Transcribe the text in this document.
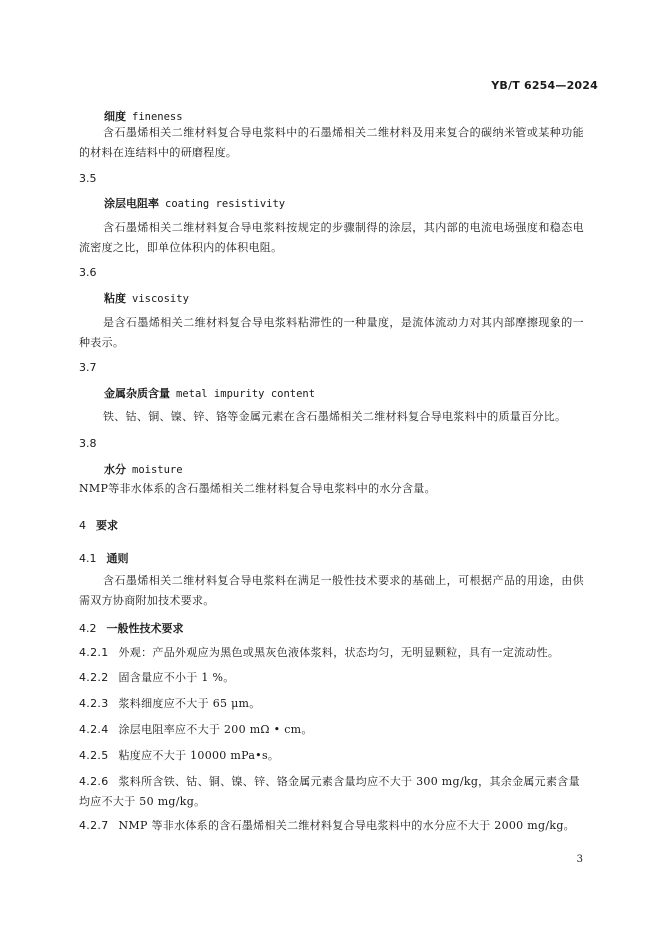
YB/T 6254—2024
细度 fineness
含石墨烯相关二维材料复合导电浆料中的石墨烯相关二维材料及用来复合的碳纳米管或某种功能的材料在连结料中的研磨程度。
3.5
涂层电阻率 coating resistivity
含石墨烯相关二维材料复合导电浆料按规定的步骤制得的涂层，其内部的电流电场强度和稳态电流密度之比，即单位体积内的体积电阻。
3.6
粘度 viscosity
是含石墨烯相关二维材料复合导电浆料粘滞性的一种量度，是流体流动力对其内部摩擦现象的一种表示。
3.7
金属杂质含量 metal impurity content
铁、钴、铜、镍、锌、铬等金属元素在含石墨烯相关二维材料复合导电浆料中的质量百分比。
3.8
水分 moisture
NMP等非水体系的含石墨烯相关二维材料复合导电浆料中的水分含量。
4 要求
4.1 通则
含石墨烯相关二维材料复合导电浆料在满足一般性技术要求的基础上，可根据产品的用途，由供需双方协商附加技术要求。
4.2 一般性技术要求
4.2.1 外观：产品外观应为黑色或黑灰色液体浆料，状态均匀，无明显颗粒，具有一定流动性。
4.2.2 固含量应不小于 1 %。
4.2.3 浆料细度应不大于 65 μm。
4.2.4 涂层电阻率应不大于 200 mΩ • cm。
4.2.5 粘度应不大于 10000 mPa•s。
4.2.6 浆料所含铁、钴、铜、镍、锌、铬金属元素含量均应不大于 300 mg/kg，其余金属元素含量均应不大于 50 mg/kg。
4.2.7 NMP 等非水体系的含石墨烯相关二维材料复合导电浆料中的水分应不大于 2000 mg/kg。
3
